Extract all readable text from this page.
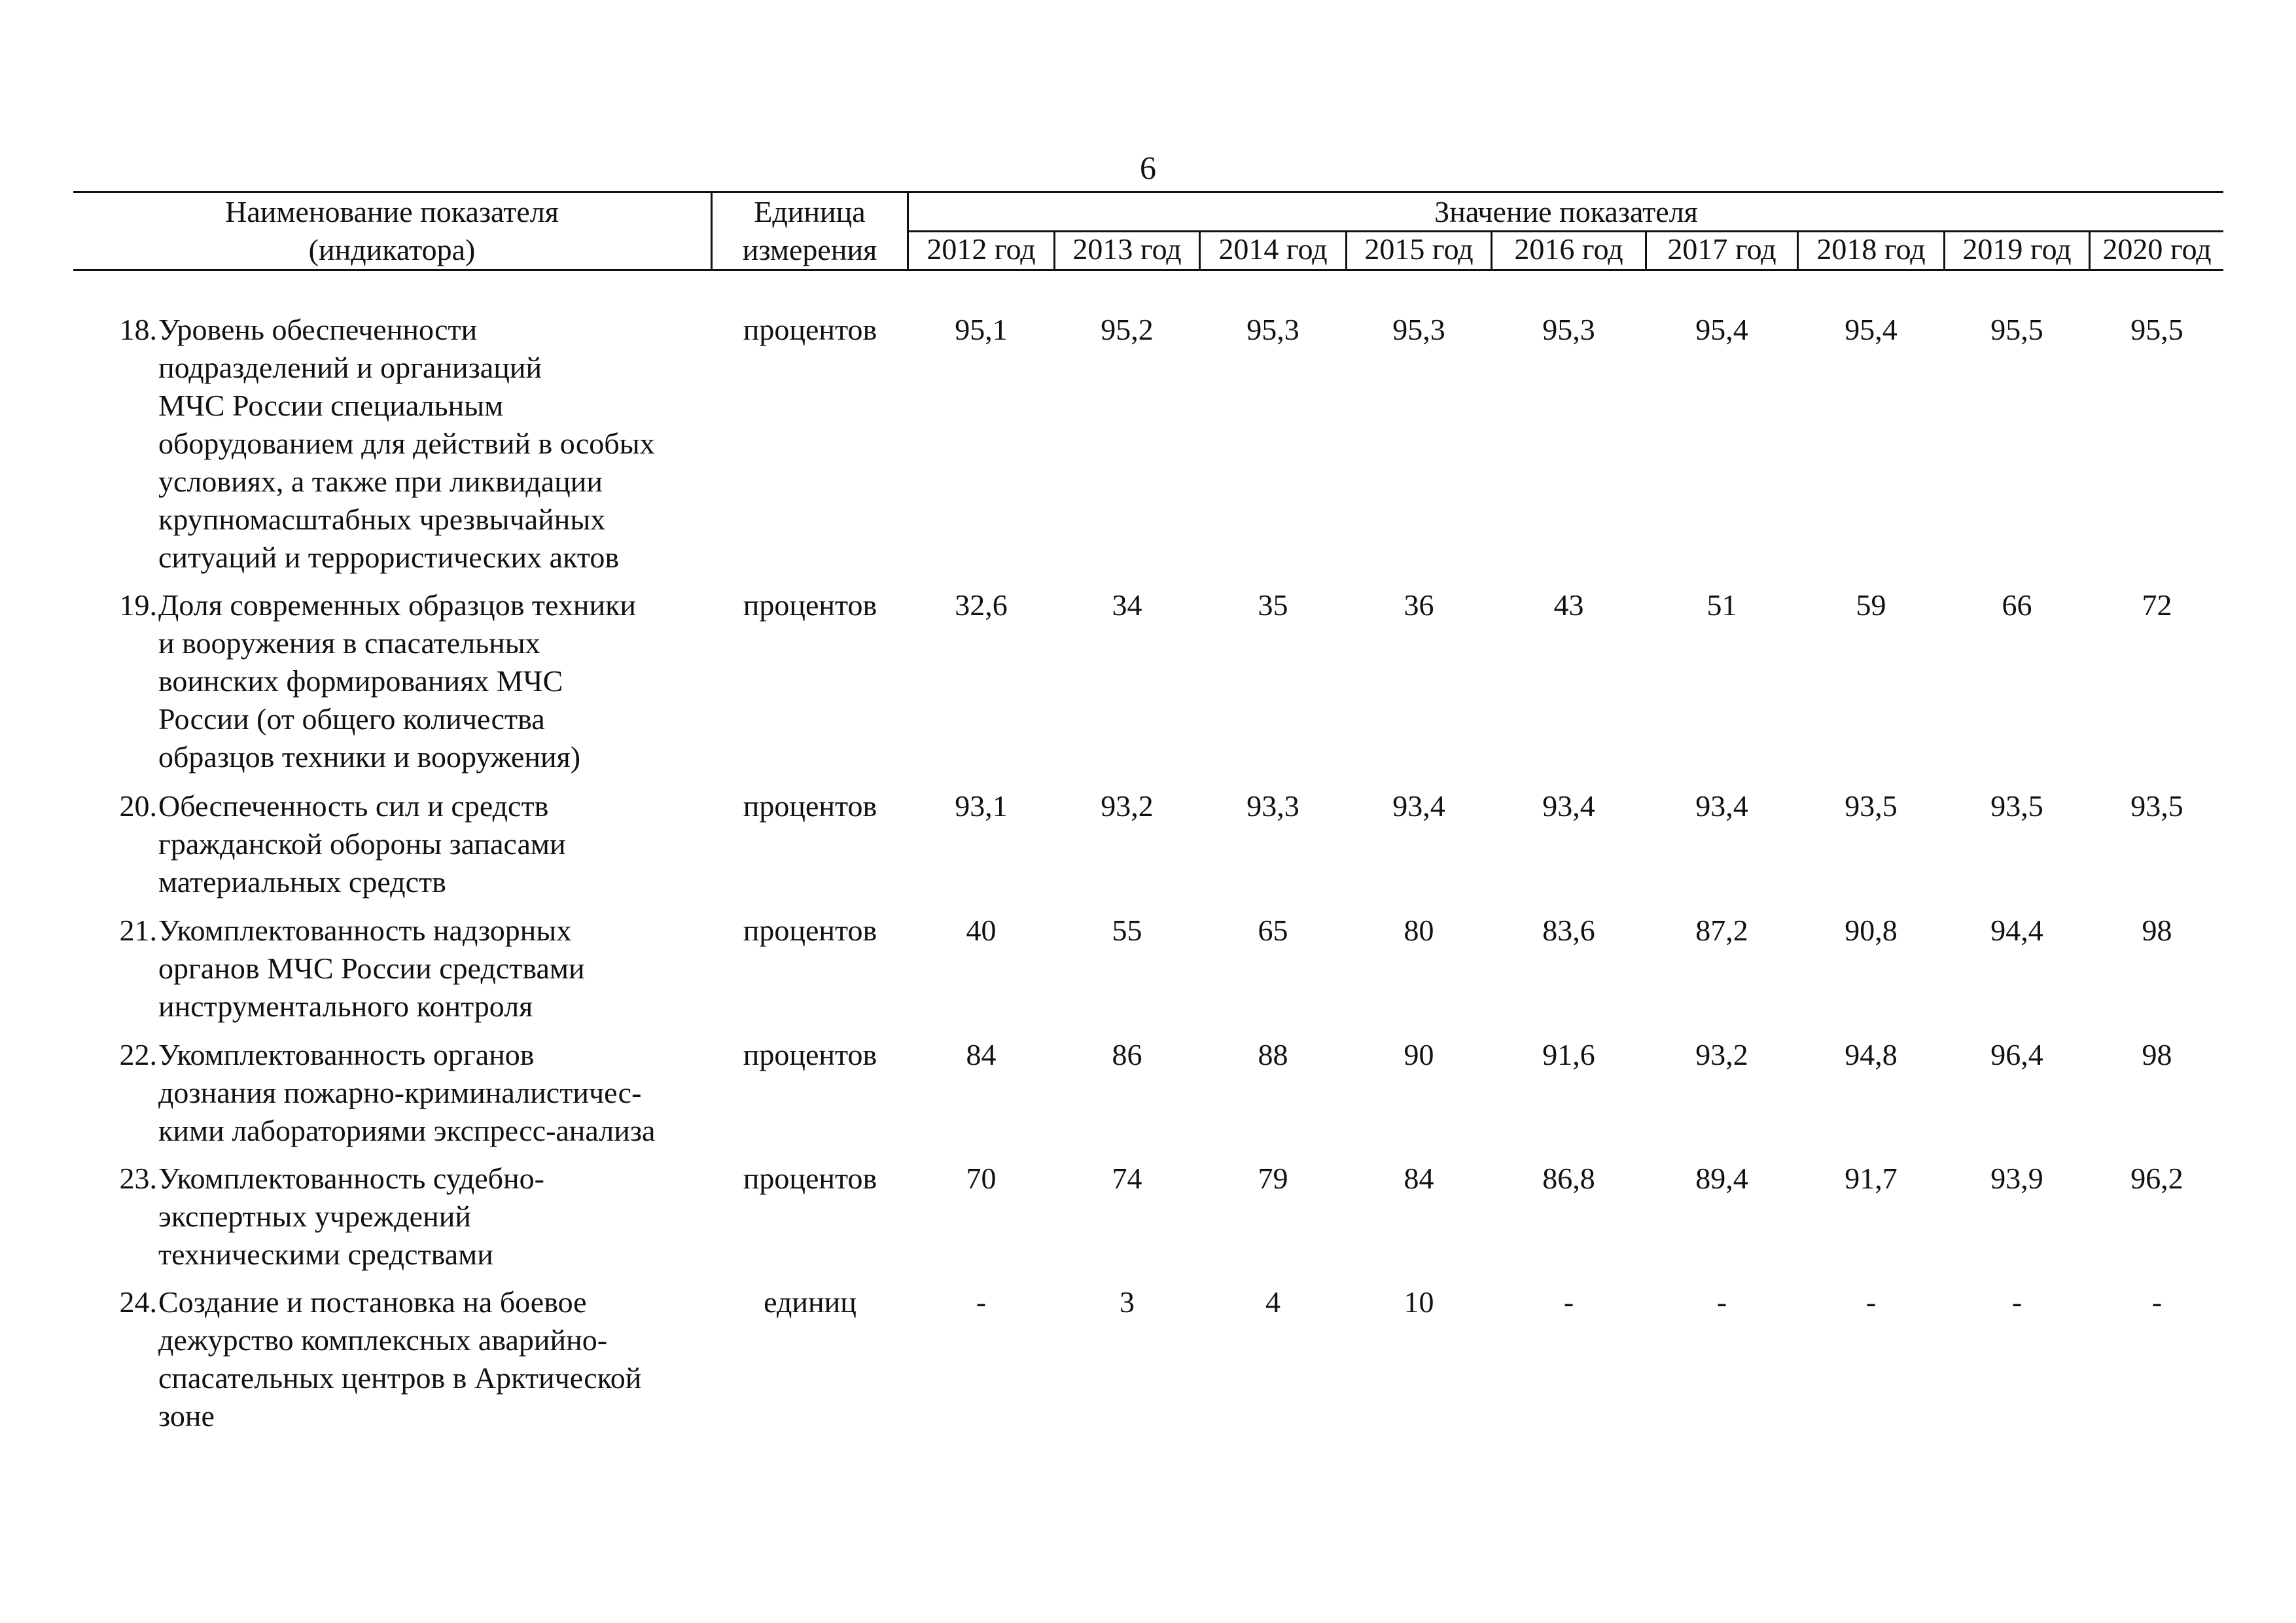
6
Наименование показателя
(индикатора)
Единица
измерения
Значение показателя
2012 год	2013 год	2014 год	2015 год	2016 год	2017 год	2018 год	2019 год	2020 год
18. Уровень обеспеченности
подразделений и организаций
МЧС России специальным
оборудованием для действий в особых
условиях, а также при ликвидации
крупномасштабных чрезвычайных
ситуаций и террористических актов
процентов	95,1	95,2	95,3	95,3	95,3	95,4	95,4	95,5	95,5
19. Доля современных образцов техники
и вооружения в спасательных
воинских формированиях МЧС
России (от общего количества
образцов техники и вооружения)
процентов	32,6	34	35	36	43	51	59	66	72
20. Обеспеченность сил и средств
гражданской обороны запасами
материальных средств
процентов	93,1	93,2	93,3	93,4	93,4	93,4	93,5	93,5	93,5
21. Укомплектованность надзорных
органов МЧС России средствами
инструментального контроля
процентов	40	55	65	80	83,6	87,2	90,8	94,4	98
22. Укомплектованность органов
дознания пожарно-криминалистичес-
кими лабораториями экспресс-анализа
процентов	84	86	88	90	91,6	93,2	94,8	96,4	98
23. Укомплектованность судебно-
экспертных учреждений
техническими средствами
процентов	70	74	79	84	86,8	89,4	91,7	93,9	96,2
24. Создание и постановка на боевое
дежурство комплексных аварийно-
спасательных центров в Арктической
зоне
единиц	-	3	4	10	-	-	-	-	-
